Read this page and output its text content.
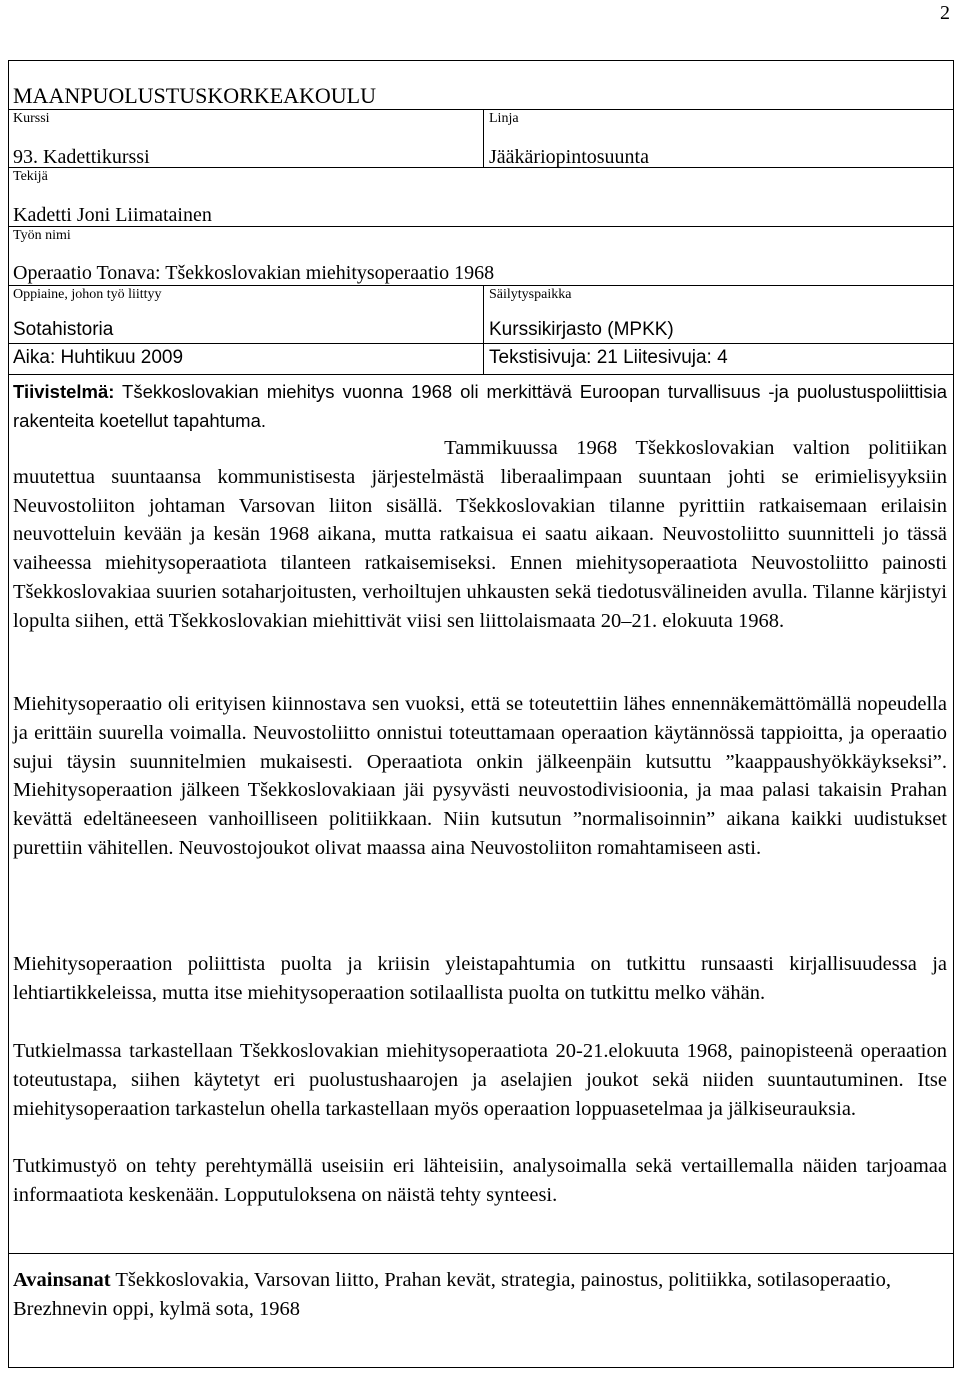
2
MAANPUOLUSTUSKORKEAKOULU
Kurssi	Linja
93. Kadettikurssi	Jääkäriopintosuunta
Tekijä
Kadetti Joni Liimatainen
Työn nimi
Operaatio Tonava: Tšekkoslovakian miehitysoperaatio 1968
Oppiaine, johon työ liittyy	Säilytyspaikka
Sotahistoria	Kurssikirjasto (MPKK)
Aika: Huhtikuu 2009	Tekstisivuja: 21 Liitesivuja: 4
Tiivistelmä: Tšekkoslovakian miehitys vuonna 1968 oli merkittävä Euroopan turvallisuus -ja puolustuspoliittisia rakenteita koetellut tapahtuma.
Tammikuussa 1968 Tšekkoslovakian valtion politiikan muutettua suuntaansa kommunistisesta järjestelmästä liberaalimpaan suuntaan johti se erimielisyyksiin Neuvostoliiton johtaman Varsovan liiton sisällä. Tšekkoslovakian tilanne pyrittiin ratkaisemaan erilaisin neuvotteluin kevään ja kesän 1968 aikana, mutta ratkaisua ei saatu aikaan. Neuvostoliitto suunnitteli jo tässä vaiheessa miehitysoperaatiota tilanteen ratkaisemiseksi. Ennen miehitysoperaatiota Neuvostoliitto painosti Tšekkoslovakiaa suurien sotaharjoitusten, verhoiltujen uhkausten sekä tiedotusvälineiden avulla. Tilanne kärjistyi lopulta siihen, että Tšekkoslovakian miehittivät viisi sen liittolaismaata 20–21. elokuuta 1968.
Miehitysoperaatio oli erityisen kiinnostava sen vuoksi, että se toteutettiin lähes ennennäkemättömällä nopeudella ja erittäin suurella voimalla. Neuvostoliitto onnistui toteuttamaan operaation käytännössä tappioitta, ja operaatio sujui täysin suunnitelmien mukaisesti. Operaatiota onkin jälkeenpäin kutsuttu ”kaappaushyökkäykseksi”. Miehitysoperaation jälkeen Tšekkoslovakiaan jäi pysyvästi neuvostodivisioonia, ja maa palasi takaisin Prahan kevättä edeltäneeseen vanhoilliseen politiikkaan. Niin kutsutun ”normalisoinnin” aikana kaikki uudistukset purettiin vähitellen. Neuvostojoukot olivat maassa aina Neuvostoliiton romahtamiseen asti.
Miehitysoperaation poliittista puolta ja kriisin yleistapahtumia on tutkittu runsaasti kirjallisuudessa ja lehtiartikkeleissa, mutta itse miehitysoperaation sotilaallista puolta on tutkittu melko vähän.
Tutkielmassa tarkastellaan Tšekkoslovakian miehitysoperaatiota 20-21.elokuuta 1968, painopisteenä operaation toteutustapa, siihen käytetyt eri puolustushaarojen ja aselajien joukot sekä niiden suuntautuminen. Itse miehitysoperaation tarkastelun ohella tarkastellaan myös operaation loppuasetelmaa ja jälkiseurauksia.
Tutkimustyö on tehty perehtymällä useisiin eri lähteisiin, analysoimalla sekä vertaillemalla näiden tarjoamaa informaatiota keskenään. Lopputuloksena on näistä tehty synteesi.
Avainsanat Tšekkoslovakia, Varsovan liitto, Prahan kevät, strategia, painostus, politiikka, sotilasoperaatio, Brezhnevin oppi, kylmä sota, 1968
